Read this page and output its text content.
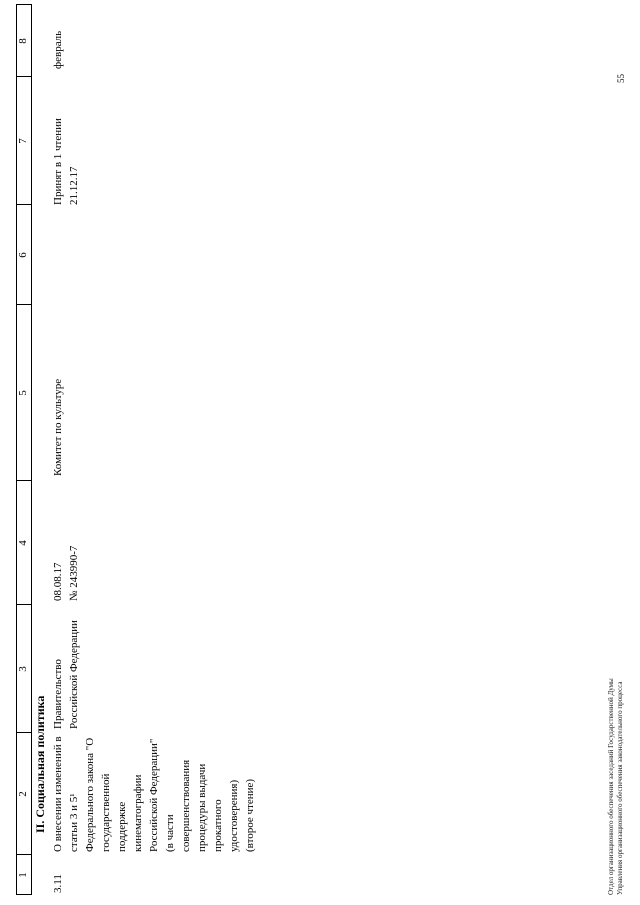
1
2
3
4
5
6
7
8
II. Социальная политика
3.11
О внесении изменений в статьи 3 и 5¹ Федерального закона "О государственной поддержке кинематографии Российской Федерации" (в части совершенствования процедуры выдачи прокатного удостоверения) (второе чтение)
Правительство Российской Федерации
08.08.17 № 243990-7
Комитет по культуре
Принят в 1 чтении 21.12.17
февраль
Отдел организационного обеспечения заседаний Государственной Думы Управления организационного обеспечения законодательного процесса
55
